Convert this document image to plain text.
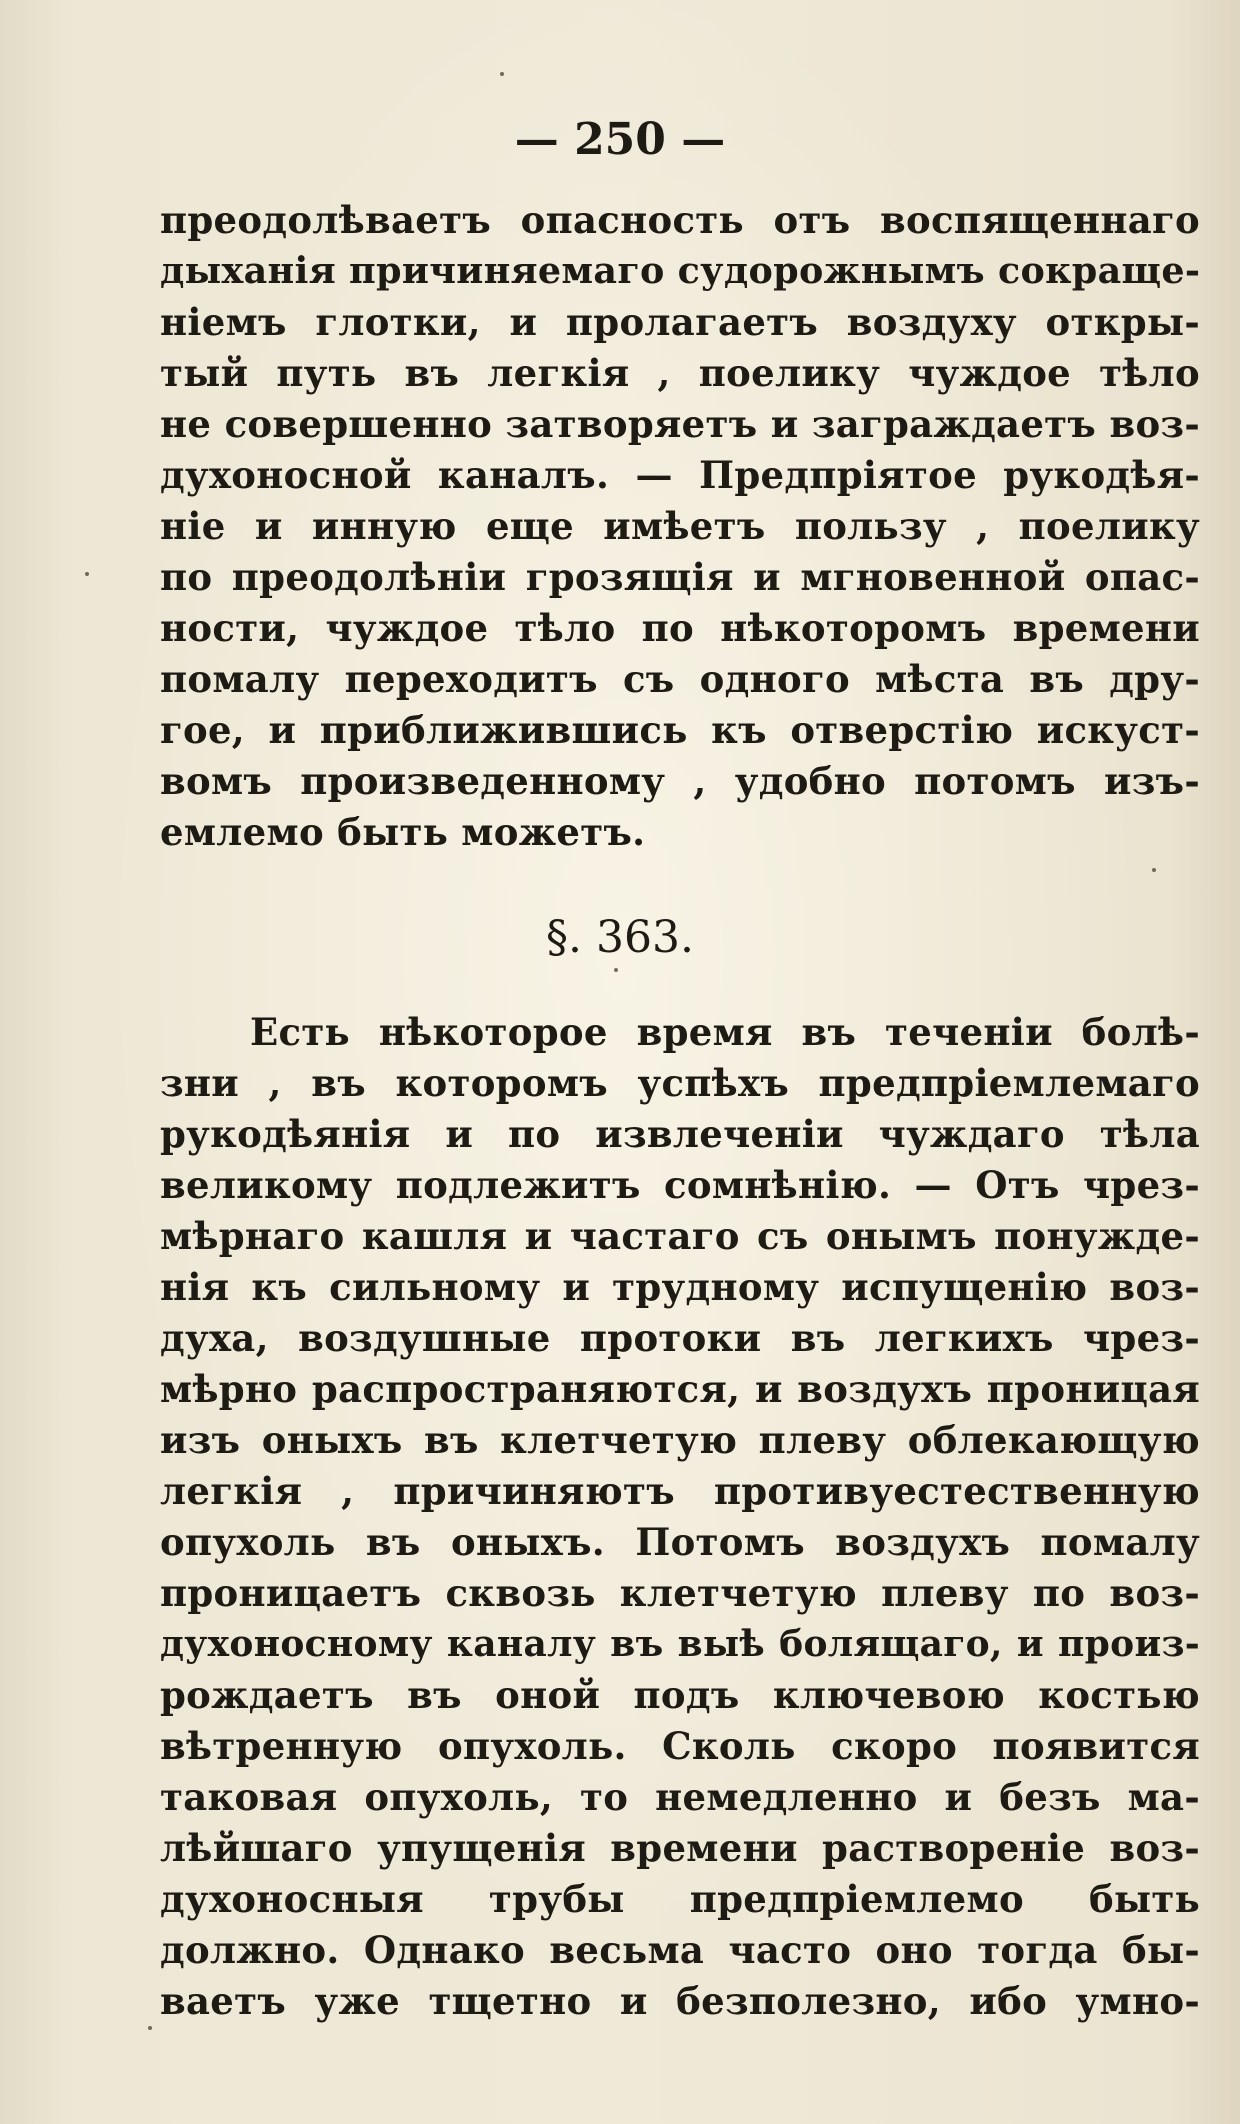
— 250 —
преодолѣваетъ опасность отъ воспященнаго
дыханія причиняемаго судорожнымъ сокраще-
ніемъ глотки, и пролагаетъ воздуху откры-
тый путь въ легкія , поелику чуждое тѣло
не совершенно затворяетъ и заграждаетъ воз-
духоносной каналъ. — Предпріятое рукодѣя-
ніе и инную еще имѣетъ пользу , поелику
по преодолѣніи грозящія и мгновенной опас-
ности, чуждое тѣло по нѣкоторомъ времени
помалу переходитъ съ одного мѣста въ дру-
гое, и приближившись къ отверстію искуст-
вомъ произведенному , удобно потомъ изъ-
емлемо быть можетъ.
§. 363.
Есть нѣкоторое время въ теченіи болѣ-
зни , въ которомъ успѣхъ предпріемлемаго
рукодѣянія и по извлеченіи чуждаго тѣла
великому подлежитъ сомнѣнію. — Отъ чрез-
мѣрнаго кашля и частаго съ онымъ понужде-
нія къ сильному и трудному испущенію воз-
духа, воздушные протоки въ легкихъ чрез-
мѣрно распространяются, и воздухъ проницая
изъ оныхъ въ клетчетую плеву облекающую
легкія , причиняютъ противуестественную
опухоль въ оныхъ. Потомъ воздухъ помалу
проницаетъ сквозь клетчетую плеву по воз-
духоносному каналу въ выѣ болящаго, и произ-
рождаетъ въ оной подъ ключевою костью
вѣтренную опухоль. Сколь скоро появится
таковая опухоль, то немедленно и безъ ма-
лѣйшаго упущенія времени раствореніе воз-
духоносныя трубы предпріемлемо быть
должно. Однако весьма часто оно тогда бы-
ваетъ уже тщетно и безполезно, ибо умно-
